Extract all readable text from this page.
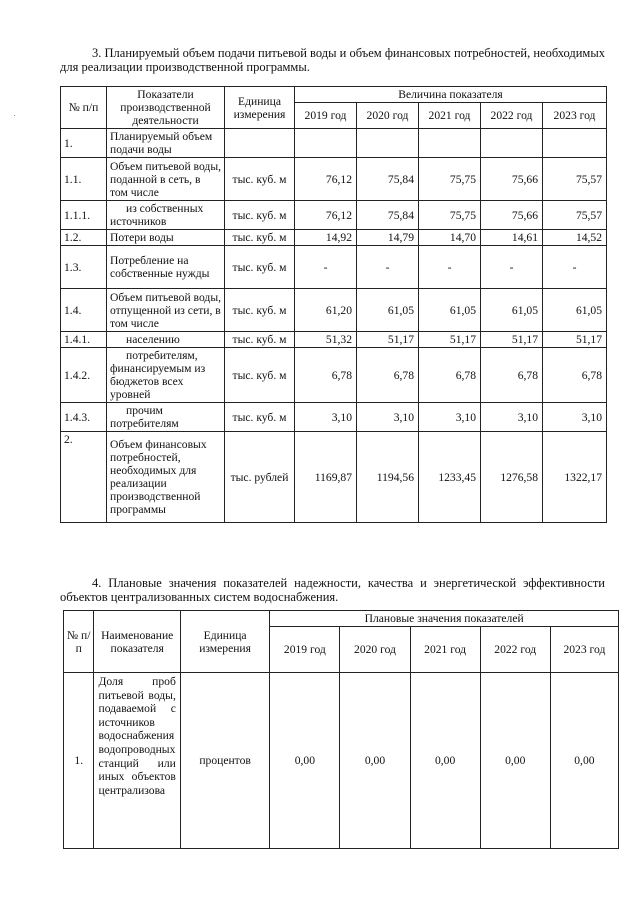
3. Планируемый объем подачи питьевой воды и объем финансовых потребностей, необходимых для реализации производственной программы.
№ п/п	Показатели производственной деятельности	Единица измерения	Величина показателя				
			2019 год	2020 год	2021 год	2022 год	2023 год
1.	Планируемый объем подачи воды						
1.1.	Объем питьевой воды, поданной в сеть, в том числе	тыс. куб. м	76,12	75,84	75,75	75,66	75,57
1.1.1.	из собственных источников	тыс. куб. м	76,12	75,84	75,75	75,66	75,57
1.2.	Потери воды	тыс. куб. м	14,92	14,79	14,70	14,61	14,52
1.3.	Потребление на собственные нужды	тыс. куб. м	-	-	-	-	-
1.4.	Объем питьевой воды, отпущенной из сети, в том числе	тыс. куб. м	61,20	61,05	61,05	61,05	61,05
1.4.1.	населению	тыс. куб. м	51,32	51,17	51,17	51,17	51,17
1.4.2.	потребителям, финансируемым из бюджетов всех уровней	тыс. куб. м	6,78	6,78	6,78	6,78	6,78
1.4.3.	прочим потребителям	тыс. куб. м	3,10	3,10	3,10	3,10	3,10
2.	Объем финансовых потребностей, необходимых для реализации производственной программы	тыс. рублей	1169,87	1194,56	1233,45	1276,58	1322,17
4. Плановые значения показателей надежности, качества и энергетической эффективности объектов централизованных систем водоснабжения.
№ п/ п	Наименование показателя	Единица измерения	Плановые значения показателей				
			2019 год	2020 год	2021 год	2022 год	2023 год
1.	Доля проб питьевой воды, подаваемой с источников водоснабжения водопроводных станций или иных объектов централизова	процентов	0,00	0,00	0,00	0,00	0,00
